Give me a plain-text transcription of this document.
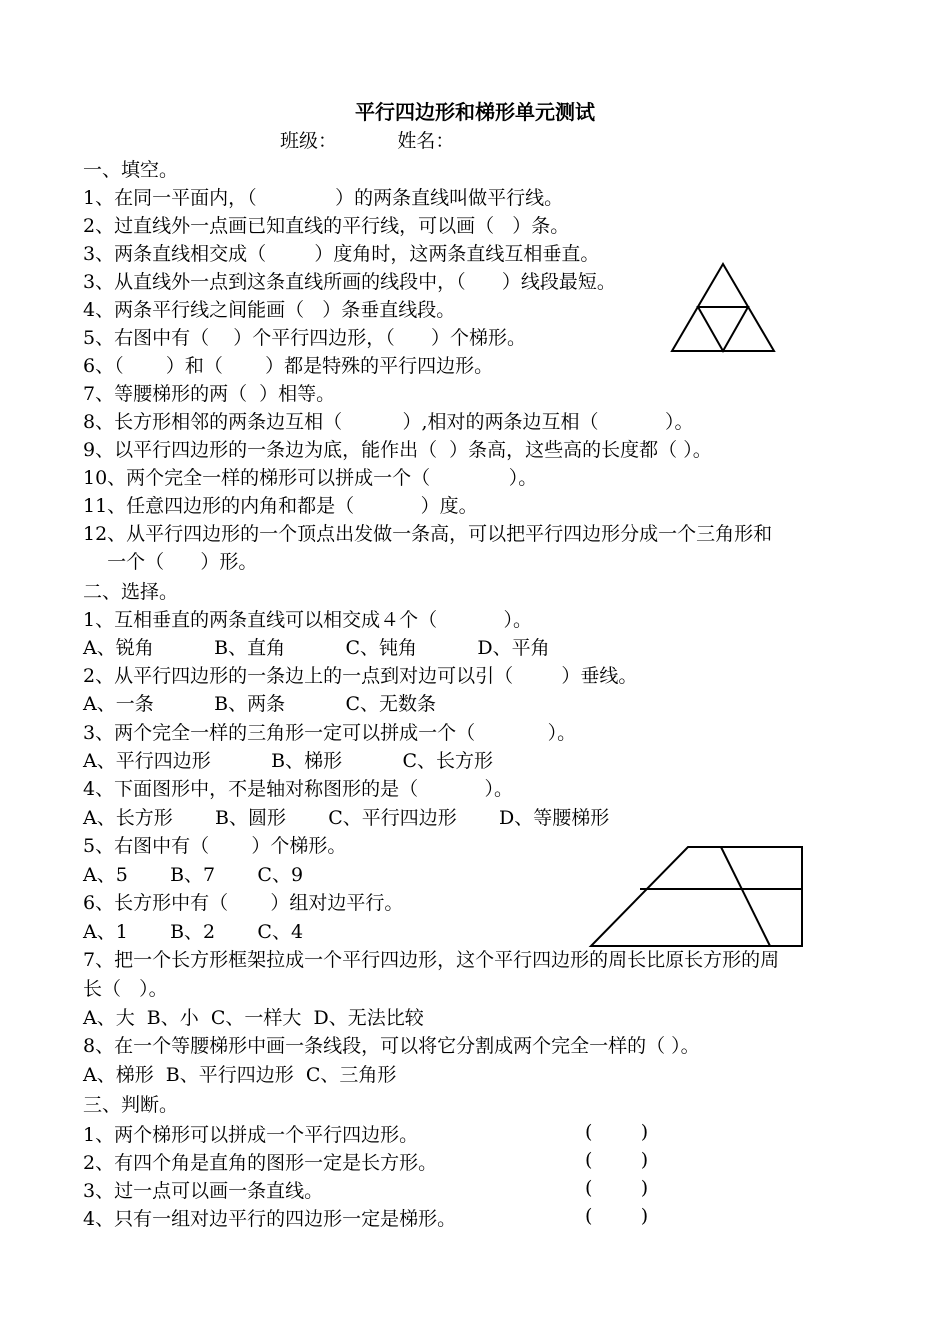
平行四边形和梯形单元测试
班级：          姓名：
一、填空。
1、在同一平面内，（             ）的两条直线叫做平行线。
2、过直线外一点画已知直线的平行线，可以画（   ）条。
3、两条直线相交成（        ）度角时，这两条直线互相垂直。
3、从直线外一点到这条直线所画的线段中，（      ）线段最短。
4、两条平行线之间能画（   ）条垂直线段。
5、右图中有（    ）个平行四边形，（      ）个梯形。
6、（       ）和（       ）都是特殊的平行四边形。
7、等腰梯形的两（  ）相等。
8、长方形相邻的两条边互相（          ）,相对的两条边互相（           ）。
9、以平行四边形的一条边为底，能作出（  ）条高，这些高的长度都（ ）。
10、两个完全一样的梯形可以拼成一个（             ）。
11、任意四边形的内角和都是（           ）度。
12、从平行四边形的一个顶点出发做一条高，可以把平行四边形分成一个三角形和
一个（      ）形。
二、选择。
1、互相垂直的两条直线可以相交成４个（           ）。
A、锐角          B、直角          C、钝角          D、平角
2、从平行四边形的一条边上的一点到对边可以引（        ）垂线。
A、一条          B、两条          C、无数条
3、两个完全一样的三角形一定可以拼成一个（            ）。
A、平行四边形          B、梯形          C、长方形
4、下面图形中，不是轴对称图形的是（           ）。
A、长方形       B、圆形       C、平行四边形       D、等腰梯形
5、右图中有（       ）个梯形。
A、5       B、7       C、9
6、长方形中有（       ）组对边平行。
A、1       B、2       C、4
7、把一个长方形框架拉成一个平行四边形，这个平行四边形的周长比原长方形的周
长（   ）。
A、大  B、小  C、一样大  D、无法比较
8、在一个等腰梯形中画一条线段，可以将它分割成两个完全一样的（ ）。
A、梯形  B、平行四边形  C、三角形
三、判断。
1、两个梯形可以拼成一个平行四边形。
2、有四个角是直角的图形一定是长方形。
3、过一点可以画一条直线。
4、只有一组对边平行的四边形一定是梯形。
(        )
(        )
(        )
(        )
